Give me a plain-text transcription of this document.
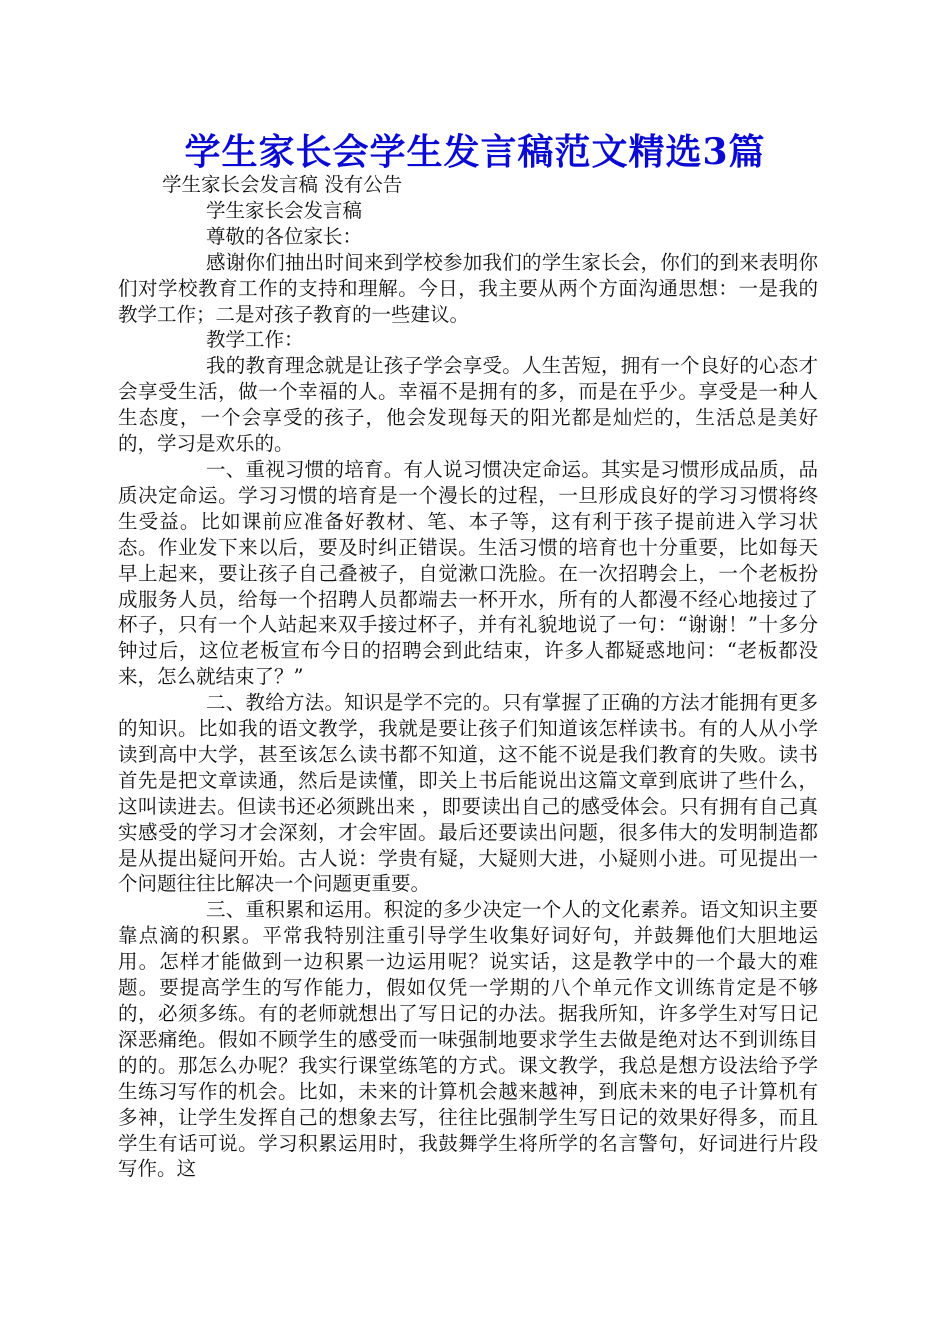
学生家长会学生发言稿范文精选3篇

学生家长会发言稿 没有公告

学生家长会发言稿

尊敬的各位家长：

感谢你们抽出时间来到学校参加我们的学生家长会，你们的到来表明你们对学校教育工作的支持和理解。今日，我主要从两个方面沟通思想：一是我的教学工作；二是对孩子教育的一些建议。

教学工作：

我的教育理念就是让孩子学会享受。人生苦短，拥有一个良好的心态才会享受生活，做一个幸福的人。幸福不是拥有的多，而是在乎少。享受是一种人生态度，一个会享受的孩子，他会发现每天的阳光都是灿烂的，生活总是美好的，学习是欢乐的。

一、重视习惯的培育。有人说习惯决定命运。其实是习惯形成品质，品质决定命运。学习习惯的培育是一个漫长的过程，一旦形成良好的学习习惯将终生受益。比如课前应准备好教材、笔、本子等，这有利于孩子提前进入学习状态。作业发下来以后，要及时纠正错误。生活习惯的培育也十分重要，比如每天早上起来，要让孩子自己叠被子，自觉漱口洗脸。在一次招聘会上，一个老板扮成服务人员，给每一个招聘人员都端去一杯开水，所有的人都漫不经心地接过了杯子，只有一个人站起来双手接过杯子，并有礼貌地说了一句：“谢谢！”十多分钟过后，这位老板宣布今日的招聘会到此结束，许多人都疑惑地问：“老板都没来，怎么就结束了？”

二、教给方法。知识是学不完的。只有掌握了正确的方法才能拥有更多的知识。比如我的语文教学，我就是要让孩子们知道该怎样读书。有的人从小学读到高中大学，甚至该怎么读书都不知道，这不能不说是我们教育的失败。读书首先是把文章读通，然后是读懂，即关上书后能说出这篇文章到底讲了些什么，这叫读进去。但读书还必须跳出来 ，即要读出自己的感受体会。只有拥有自己真实感受的学习才会深刻，才会牢固。最后还要读出问题，很多伟大的发明制造都是从提出疑问开始。古人说：学贵有疑，大疑则大进，小疑则小进。可见提出一个问题往往比解决一个问题更重要。

三、重积累和运用。积淀的多少决定一个人的文化素养。语文知识主要靠点滴的积累。平常我特别注重引导学生收集好词好句，并鼓舞他们大胆地运用。怎样才能做到一边积累一边运用呢？说实话，这是教学中的一个最大的难题。要提高学生的写作能力，假如仅凭一学期的八个单元作文训练肯定是不够的，必须多练。有的老师就想出了写日记的办法。据我所知，许多学生对写日记深恶痛绝。假如不顾学生的感受而一味强制地要求学生去做是绝对达不到训练目的的。那怎么办呢？我实行课堂练笔的方式。课文教学，我总是想方设法给予学生练习写作的机会。比如，未来的计算机会越来越神，到底未来的电子计算机有多神，让学生发挥自己的想象去写，往往比强制学生写日记的效果好得多，而且学生有话可说。学习积累运用时，我鼓舞学生将所学的名言警句，好词进行片段写作。这
